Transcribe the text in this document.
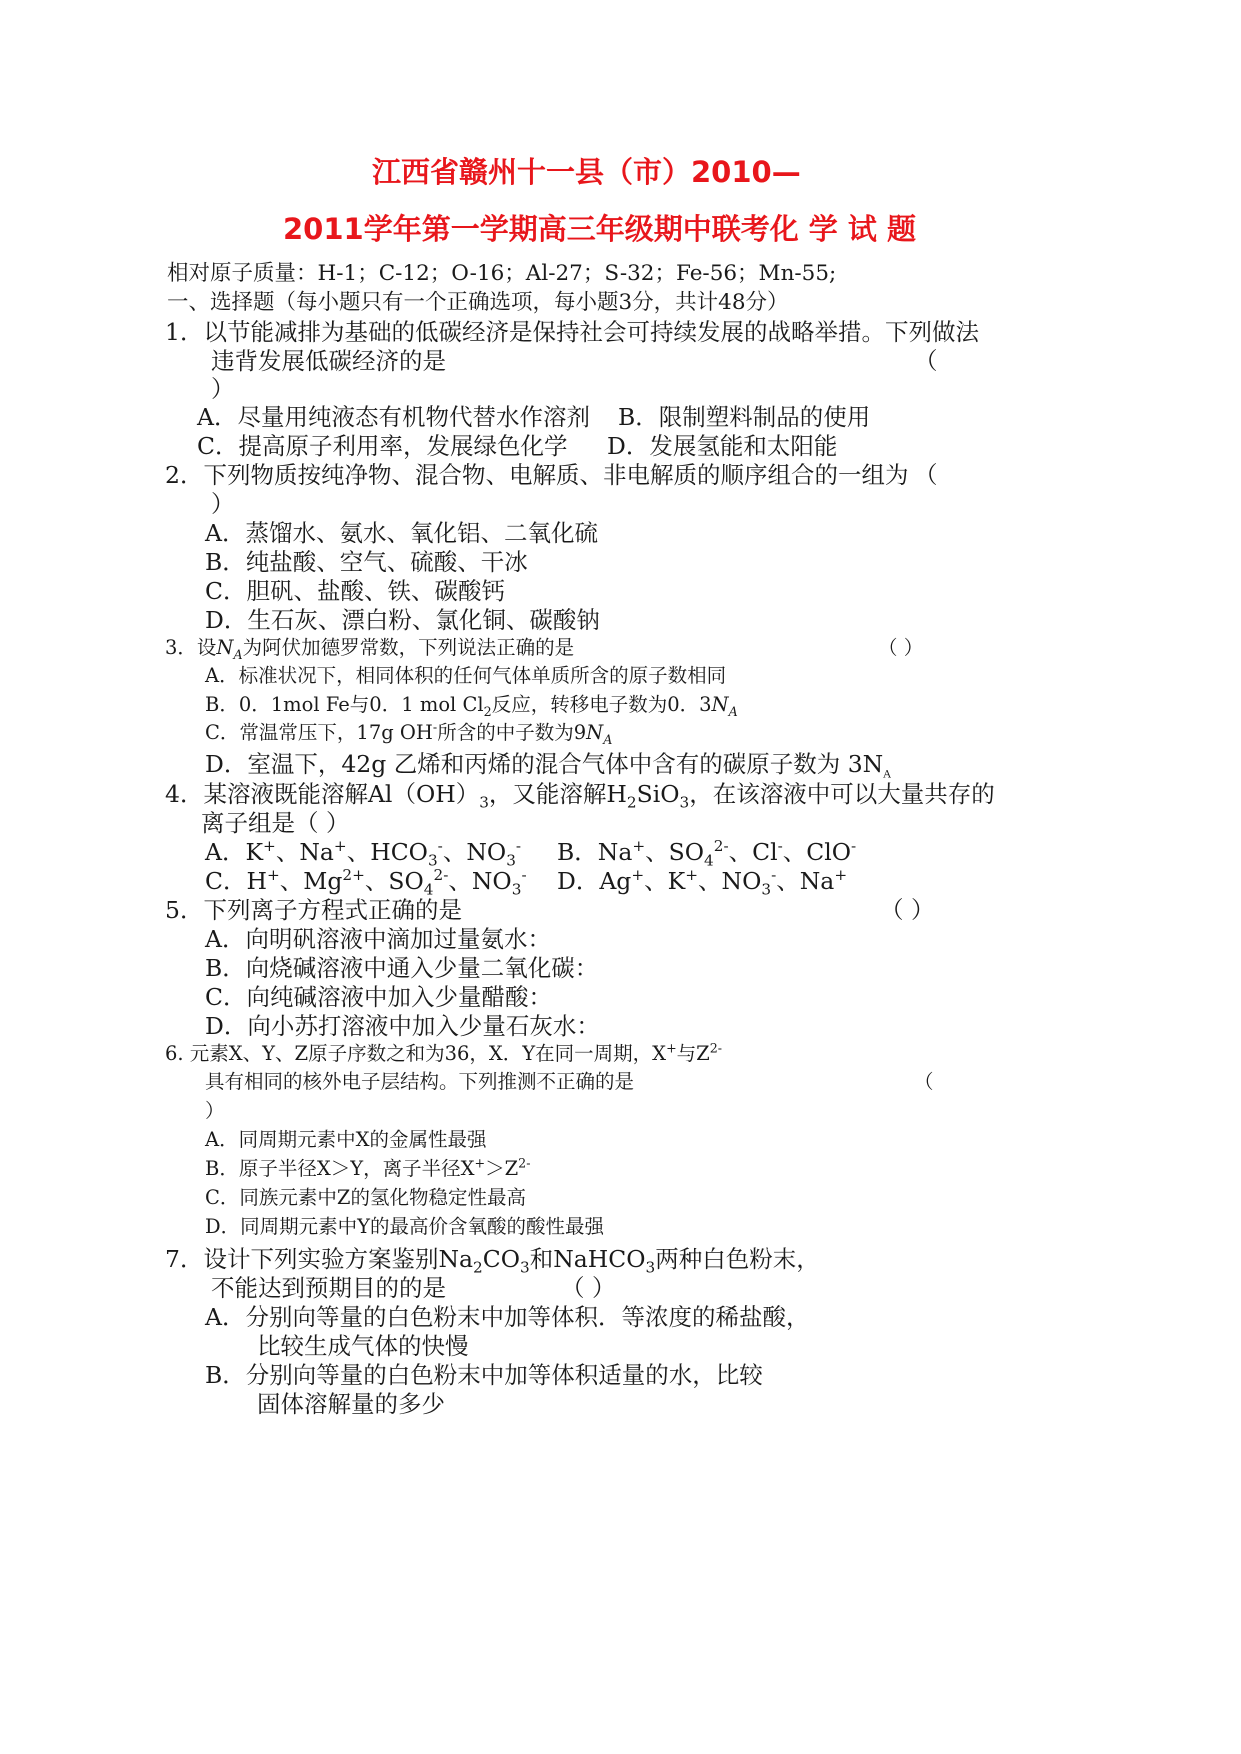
江西省赣州十一县（市）2010—
2011学年第一学期高三年级期中联考化 学 试 题
相对原子质量：H-1；C-12；O-16；Al-27；S-32；Fe-56；Mn-55;
一、选择题（每小题只有一个正确选项，每小题3分，共计48分）
1．以节能减排为基础的低碳经济是保持社会可持续发展的战略举措。下列做法
违背发展低碳经济的是	（
）
A．尽量用纯液态有机物代替水作溶剂 B．限制塑料制品的使用
C．提高原子利用率，发展绿色化学 D．发展氢能和太阳能
2．下列物质按纯净物、混合物、电解质、非电解质的顺序组合的一组为 （
）
A．蒸馏水、氨水、氧化铝、二氧化硫
B．纯盐酸、空气、硫酸、干冰
C．胆矾、盐酸、铁、碳酸钙
D．生石灰、漂白粉、氯化铜、碳酸钠
3．设$N_A$为阿伏加德罗常数，下列说法正确的是	（ ）
A．标准状况下，相同体积的任何气体单质所含的原子数相同
B．0．1mol Fe与0．1 mol $Cl_2$反应，转移电子数为0．$3N_A$
C．常温常压下，17g OH-所含的中子数为$9N_A$
D．室温下，42g 乙烯和丙烯的混合气体中含有的碳原子数为 $3N_A$
4．某溶液既能溶解$Al(OH)_3$，又能溶解$H_2SiO_3$，在该溶液中可以大量共存的
离子组是（ ）
A．K+、Na+、$HCO_3^-$、$NO_3^-$ B．Na+、$SO_4^{2-}$、Cl-、ClO-
C．H+、$Mg^{2+}$、$SO_4^{2-}$、$NO_3^-$ D．Ag+、K+、$NO_3^-$、Na+
5．下列离子方程式正确的是	（ ）
A．向明矾溶液中滴加过量氨水：
B．向烧碱溶液中通入少量二氧化碳：
C．向纯碱溶液中加入少量醋酸：
D．向小苏打溶液中加入少量石灰水：
6. 元素X、Y、Z原子序数之和为36，X．Y在同一周期，X+与$Z^{2-}$
具有相同的核外电子层结构。下列推测不正确的是	（
）
A．同周期元素中X的金属性最强
B．原子半径X＞Y，离子半径$X^+>Z^{2-}$
C．同族元素中Z的氢化物稳定性最高
D．同周期元素中Y的最高价含氧酸的酸性最强
7．设计下列实验方案鉴别$Na_2CO_3$和NaHCO$_3$两种白色粉末，
不能达到预期目的的是	（ ）
A．分别向等量的白色粉末中加等体积．等浓度的稀盐酸，
比较生成气体的快慢
B．分别向等量的白色粉末中加等体积适量的水，比较
固体溶解量的多少
